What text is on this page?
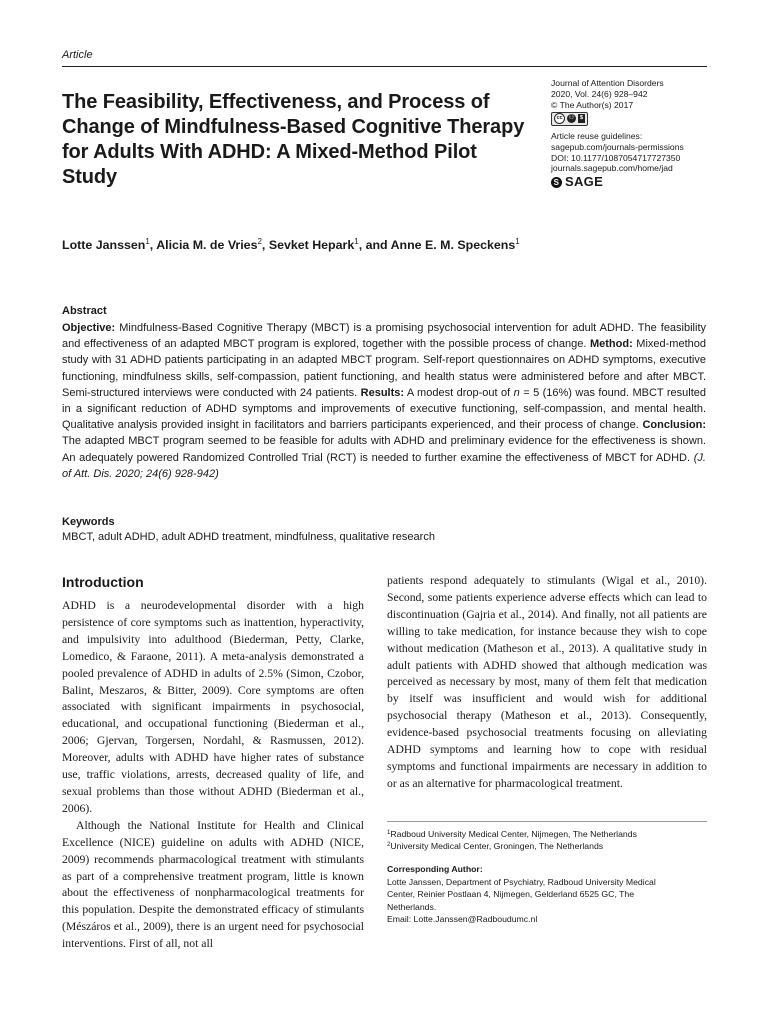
Article
The Feasibility, Effectiveness, and Process of Change of Mindfulness-Based Cognitive Therapy for Adults With ADHD: A Mixed-Method Pilot Study
Journal of Attention Disorders
2020, Vol. 24(6) 928–942
© The Author(s) 2017
cc	⚇	$
Article reuse guidelines:
sagepub.com/journals-permissions
DOI: 10.1177/1087054717727350
journals.sagepub.com/home/jad
S SAGE
Lotte Janssen$^1$, Alicia M. de Vries$^2$, Sevket Hepark$^1$, and Anne E. M. Speckens$^1$
Abstract
Objective: Mindfulness-Based Cognitive Therapy (MBCT) is a promising psychosocial intervention for adult ADHD. The feasibility and effectiveness of an adapted MBCT program is explored, together with the possible process of change. Method: Mixed-method study with 31 ADHD patients participating in an adapted MBCT program. Self-report questionnaires on ADHD symptoms, executive functioning, mindfulness skills, self-compassion, patient functioning, and health status were administered before and after MBCT. Semi-structured interviews were conducted with 24 patients. Results: A modest drop-out of n = 5 (16%) was found. MBCT resulted in a significant reduction of ADHD symptoms and improvements of executive functioning, self-compassion, and mental health. Qualitative analysis provided insight in facilitators and barriers participants experienced, and their process of change. Conclusion: The adapted MBCT program seemed to be feasible for adults with ADHD and preliminary evidence for the effectiveness is shown. An adequately powered Randomized Controlled Trial (RCT) is needed to further examine the effectiveness of MBCT for ADHD. (J. of Att. Dis. 2020; 24(6) 928-942)
Keywords
MBCT, adult ADHD, adult ADHD treatment, mindfulness, qualitative research
Introduction

ADHD is a neurodevelopmental disorder with a high persistence of core symptoms such as inattention, hyperactivity, and impulsivity into adulthood (Biederman, Petty, Clarke, Lomedico, & Faraone, 2011). A meta-analysis demonstrated a pooled prevalence of ADHD in adults of 2.5% (Simon, Czobor, Balint, Meszaros, & Bitter, 2009). Core symptoms are often associated with significant impairments in psychosocial, educational, and occupational functioning (Biederman et al., 2006; Gjervan, Torgersen, Nordahl, & Rasmussen, 2012). Moreover, adults with ADHD have higher rates of substance use, traffic violations, arrests, decreased quality of life, and sexual problems than those without ADHD (Biederman et al., 2006).

Although the National Institute for Health and Clinical Excellence (NICE) guideline on adults with ADHD (NICE, 2009) recommends pharmacological treatment with stimulants as part of a comprehensive treatment program, little is known about the effectiveness of nonpharmacological treatments for this population. Despite the demonstrated efficacy of stimulants (Mészáros et al., 2009), there is an urgent need for psychosocial interventions. First of all, not all

patients respond adequately to stimulants (Wigal et al., 2010). Second, some patients experience adverse effects which can lead to discontinuation (Gajria et al., 2014). And finally, not all patients are willing to take medication, for instance because they wish to cope without medication (Matheson et al., 2013). A qualitative study in adult patients with ADHD showed that although medication was perceived as necessary by most, many of them felt that medication by itself was insufficient and would wish for additional psychosocial therapy (Matheson et al., 2013). Consequently, evidence-based psychosocial treatments focusing on alleviating ADHD symptoms and learning how to cope with residual symptoms and functional impairments are necessary in addition to or as an alternative for pharmacological treatment.

$^1$Radboud University Medical Center, Nijmegen, The Netherlands
$^2$University Medical Center, Groningen, The Netherlands
Corresponding Author:
Lotte Janssen, Department of Psychiatry, Radboud University Medical
Center, Reinier Postlaan 4, Nijmegen, Gelderland 6525 GC, The
Netherlands.
Email: Lotte.Janssen@Radboudumc.nl
